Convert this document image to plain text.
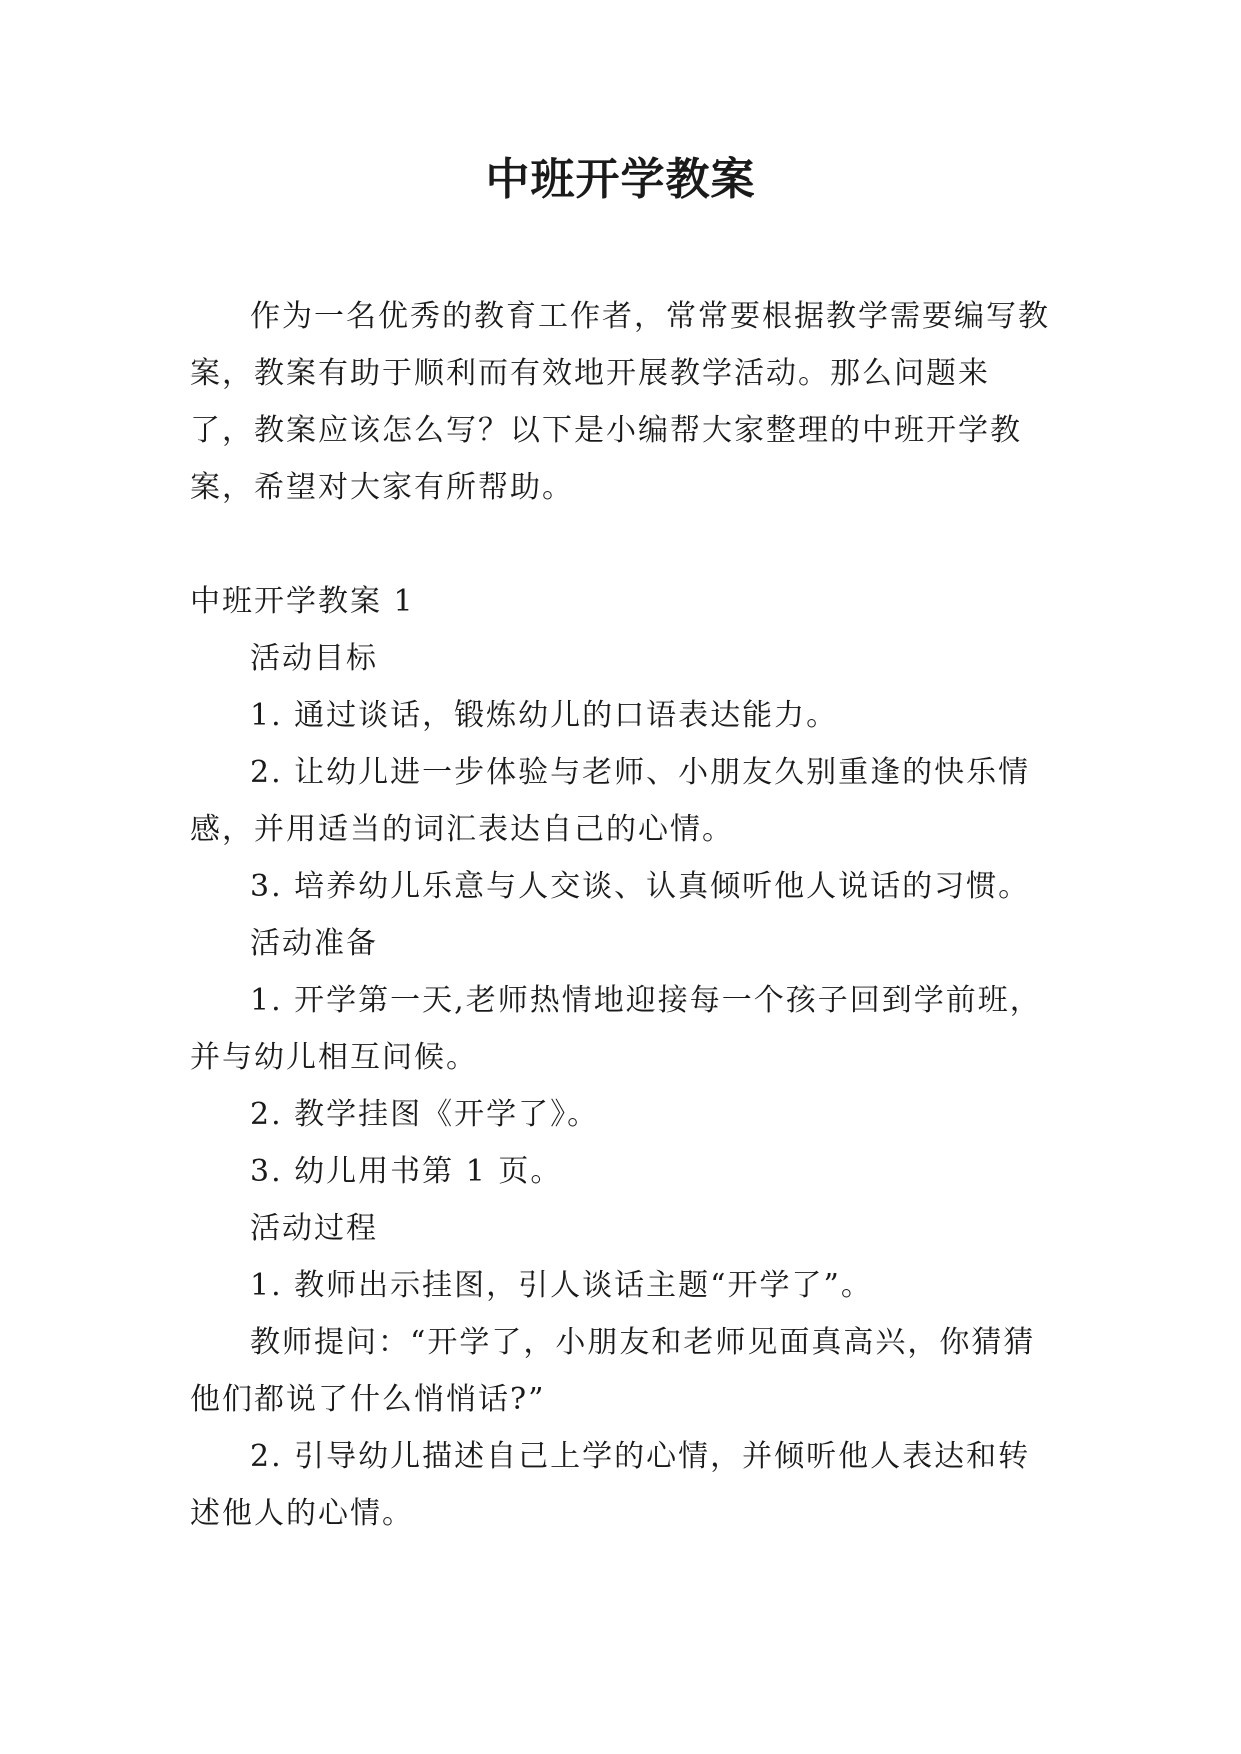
中班开学教案

作为一名优秀的教育工作者，常常要根据教学需要编写教案，教案有助于顺利而有效地开展教学活动。那么问题来了，教案应该怎么写？以下是小编帮大家整理的中班开学教案，希望对大家有所帮助。

中班开学教案 1

活动目标

1. 通过谈话，锻炼幼儿的口语表达能力。

2. 让幼儿进一步体验与老师、小朋友久别重逢的快乐情感，并用适当的词汇表达自己的心情。

3. 培养幼儿乐意与人交谈、认真倾听他人说话的习惯。

活动准备

1. 开学第一天,老师热情地迎接每一个孩子回到学前班，并与幼儿相互问候。

2. 教学挂图《开学了》。

3. 幼儿用书第 1 页。

活动过程

1. 教师出示挂图，引人谈话主题“开学了”。

教师提问：“开学了，小朋友和老师见面真高兴，你猜猜他们都说了什么悄悄话?”

2. 引导幼儿描述自己上学的心情，并倾听他人表达和转述他人的心情。
